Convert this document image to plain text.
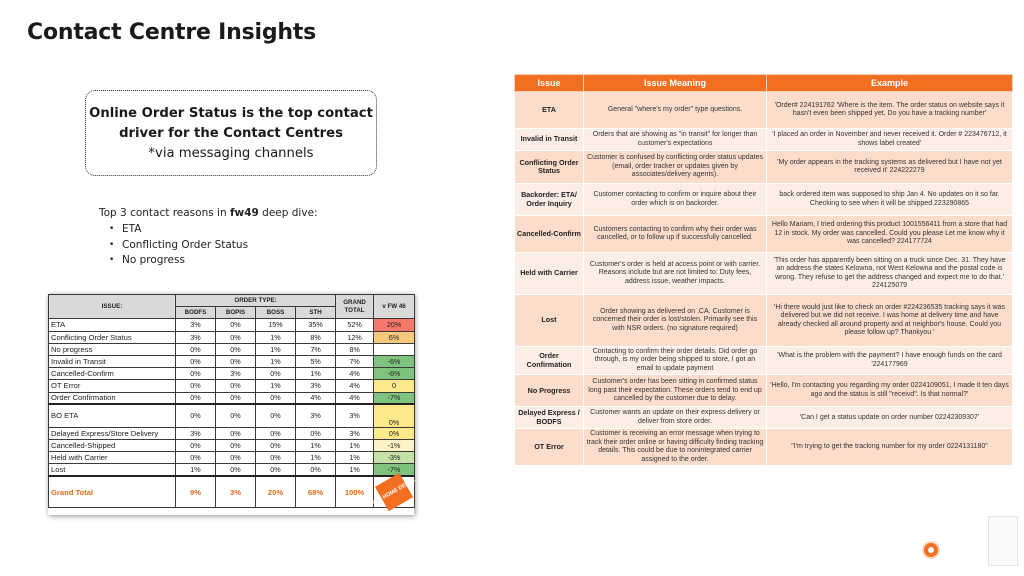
Contact Centre Insights
Online Order Status is the top contact
driver for the Contact Centres
*via messaging channels
Top 3 contact reasons in fw49 deep dive:
• ETA
• Conflicting Order Status
• No progress
ISSUE:	ORDER TYPE:				GRAND TOTAL	v FW 46
	BODFS	BOPIS	BOSS	STH		
ETA	3%	0%	15%	35%	52%	20%
Conflicting Order Status	3%	0%	1%	8%	12%	6%
No progress	0%	0%	1%	7%	8%	
Invalid in Transit	0%	0%	1%	5%	7%	-6%
Cancelled-Confirm	0%	3%	0%	1%	4%	-6%
OT Error	0%	0%	1%	3%	4%	0
Order Confirmation	0%	0%	0%	4%	4%	-7%
BO ETA	0%	0%	0%	3%	3%	0%
Delayed Express/Store Delivery	3%	0%	0%	0%	3%	0%
Cancelled-Shipped	0%	0%	0%	1%	1%	-1%
Held with Carrier	0%	0%	0%	1%	1%	-3%
Lost	1%	0%	0%	0%	1%	-7%
Grand Total	9%	3%	20%	68%	100%	THE HOME DEPOT
Issue	Issue Meaning	Example
ETA	General "where's my order" type questions.	'Order# 224191762 'Where is the item. The order status on website says it hasn't even been shipped yet. Do you have a tracking number'
Invalid in Transit	Orders that are showing as "in transit" for longer than customer's expectations	'I placed an order in November and never received it. Order # 223476712, it shows label created'
Conflicting Order Status	Customer is confused by conflicting order status updates (email, order tracker or updates given by associates/delivery agents).	'My order appears in the tracking systems as delivered but I have not yet received it' 224222279
Backorder: ETA/ Order Inquiry	Customer contacting to confirm or inquire about their order which is on backorder.	back ordered item was supposed to ship Jan 4. No updates on it so far. Checking to see when it will be shipped 223290865
Cancelled-Confirm	Customers contacting to confirm why their order was cancelled, or to follow up if successfully cancelled.	Hello Mariam, I tried ordering this product 1001556411 from a store that had 12 in stock. My order was cancelled. Could you please Let me know why it was cancelled? 224177724
Held with Carrier	Customer's order is held at access point or with carrier. Reasons include but are not limited to: Duty fees, address issue, weather impacts.	'This order has apparently been sitting on a truck since Dec. 31. They have an address the states Kelowna, not West Kelowna and the postal code is wrong. They refuse to get the address changed and expect me to do that.' 224125079
Lost	Order showing as delivered on .CA. Customer is concerned their order is lost/stolen. Primarily see this with NSR orders. (no signature required)	'Hi there would just like to check on order #224236535 tracking says it was delivered but we did not receive. I was home at delivery time and have already checked all around property and at neighbor's house. Could you please follow up? Thankyou '
Order Confirmation	Contacting to confirm their order details. Did order go through, is my order being shipped to store, I got an email to update payment	'What is the problem with the payment? I have enough funds on the card '224177969
No Progress	Customer's order has been sitting in confirmed status long past their expectation. These orders tend to end up cancelled by the customer due to delay.	'Hello, I'm contacting you regarding my order 0224109051, I made it ten days ago and the status is still "receivd". Is that normal?'
Delayed Express / BODFS	Customer wants an update on their express delivery or deliver from store order.	'Can I get a status update on order number 02242309307'
OT Error	Customer is receiving an error message when trying to track their order online or having difficulty finding tracking details. This could be due to nonintegrated carrier assigned to the order.	"I'm trying to get the tracking number for my order 0224131180"
